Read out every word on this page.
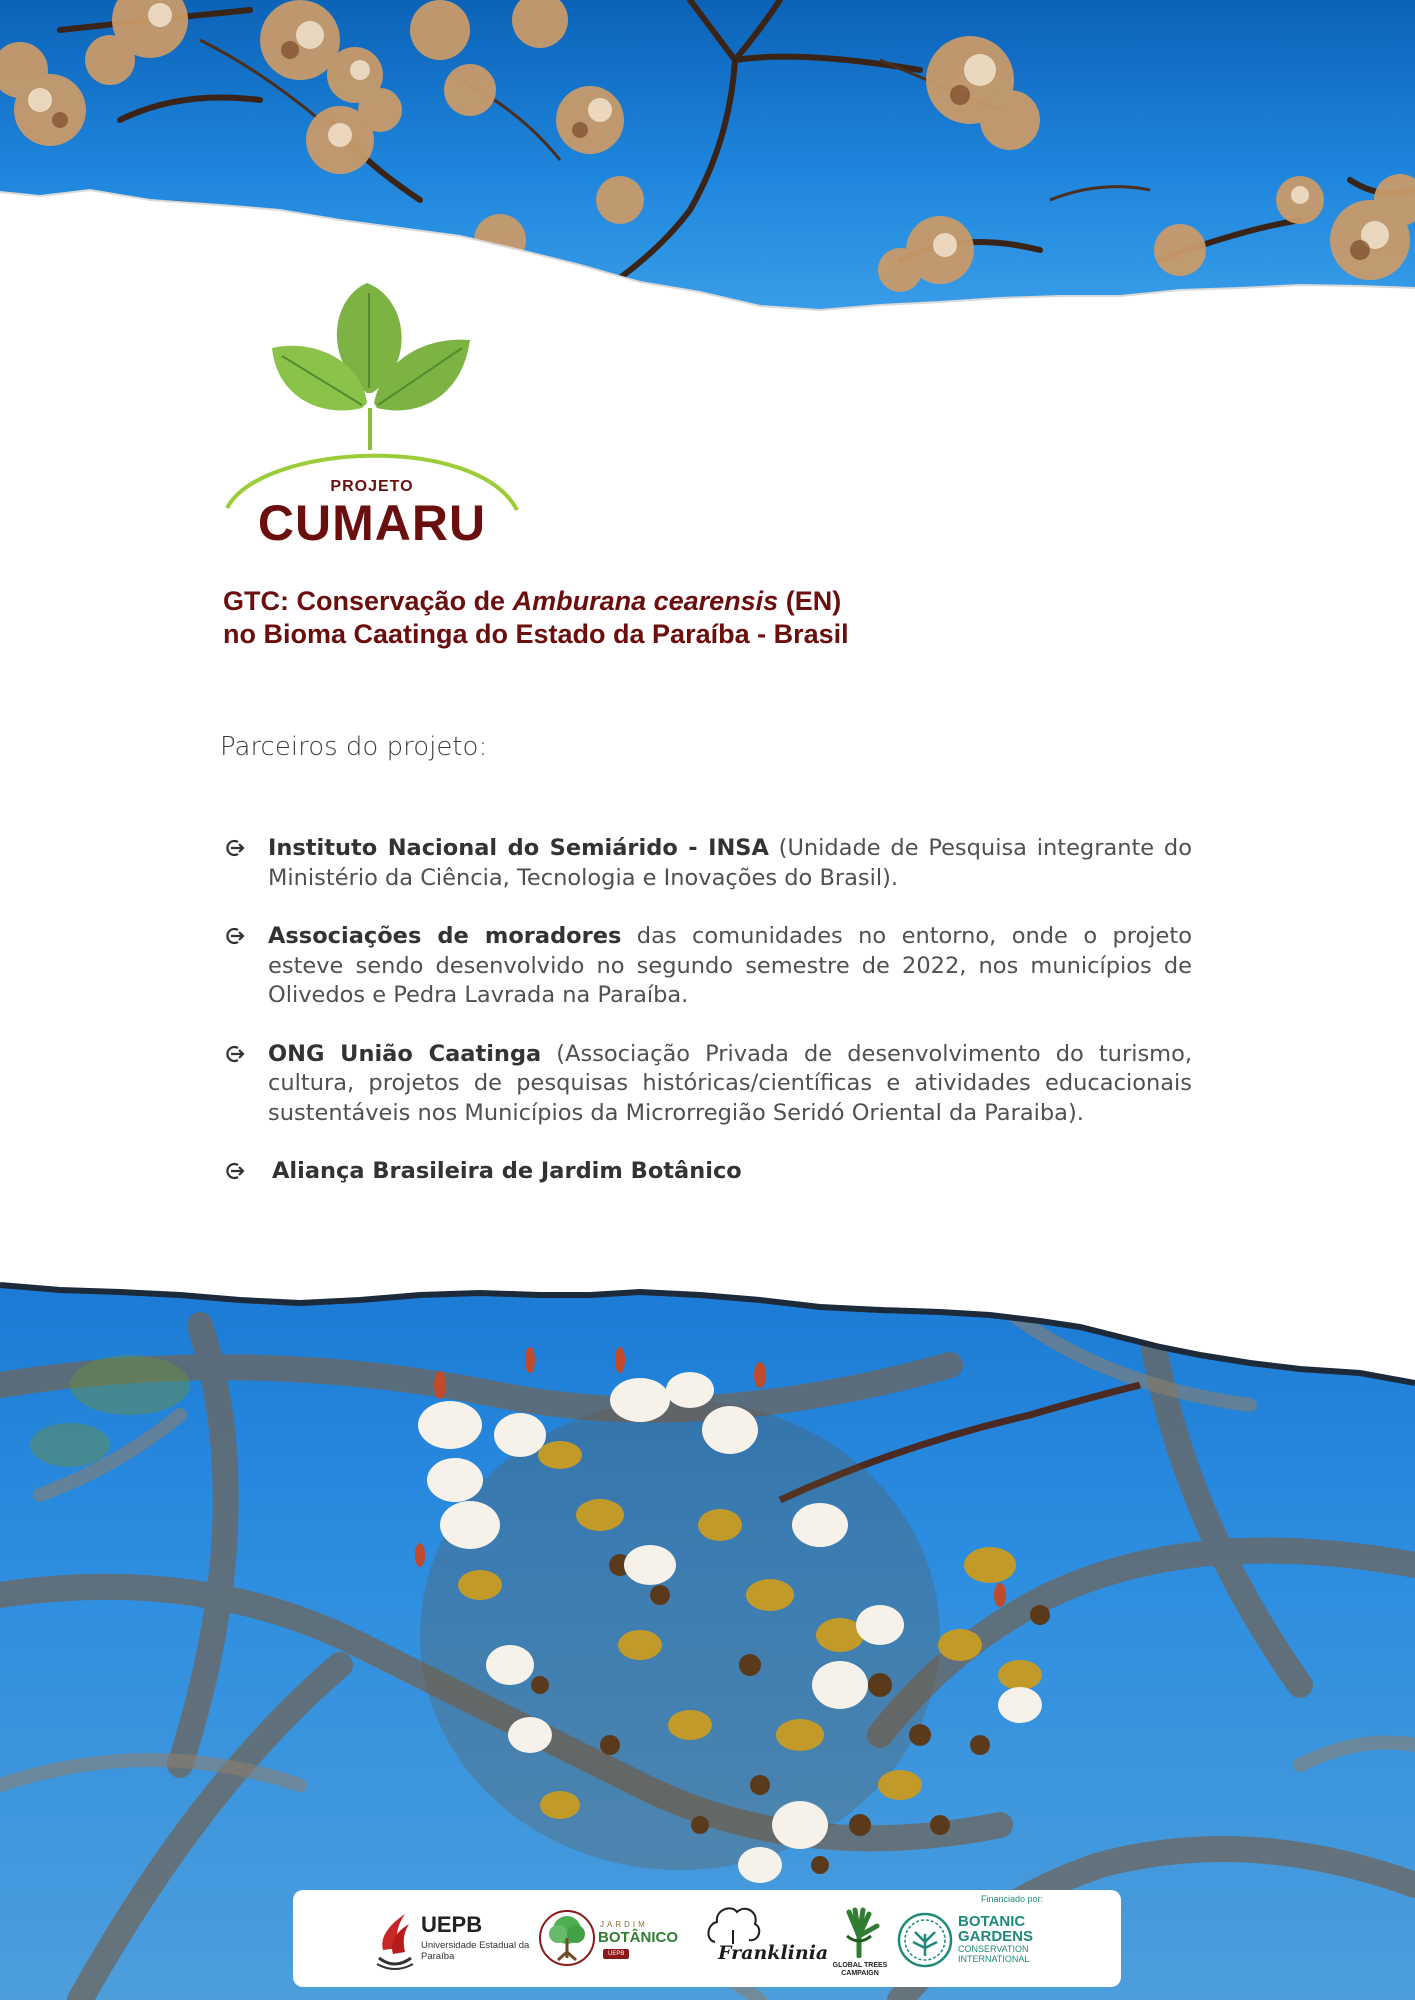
PROJETO
CUMARU
GTC: Conservação de Amburana cearensis (EN)
no Bioma Caatinga do Estado da Paraíba - Brasil
Parceiros do projeto:
Instituto Nacional do Semiárido - INSA (Unidade de Pesquisa integrante do Ministério da Ciência, Tecnologia e Inovações do Brasil).
Associações de moradores das comunidades no entorno, onde o projeto esteve sendo desenvolvido no segundo semestre de 2022, nos municípios de Olivedos e Pedra Lavrada na Paraíba.
ONG União Caatinga (Associação Privada de desenvolvimento do turismo, cultura, projetos de pesquisas históricas/científicas e atividades educacionais sustentáveis nos Municípios da Microrregião Seridó Oriental da Paraiba).
Aliança Brasileira de Jardim Botânico
Financiado por:
UEPB
Universidade Estadual da Paraíba
JARDIM
BOTÂNICO
UEPB	Franklinia
GLOBAL TREES CAMPAIGN
BOTANIC
GARDENS
CONSERVATION
INTERNATIONAL
